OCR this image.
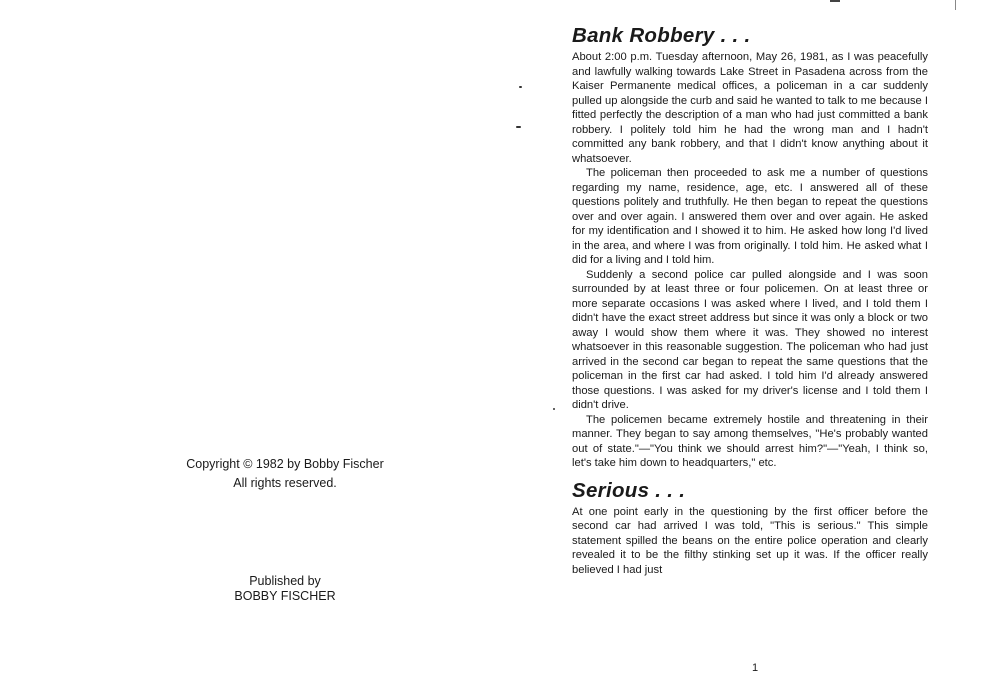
Copyright © 1982 by Bobby Fischer
All rights reserved.
Published by
BOBBY FISCHER
Bank Robbery . . .

About 2:00 p.m. Tuesday afternoon, May 26, 1981, as I was peacefully and lawfully walking towards Lake Street in Pasadena across from the Kaiser Permanente medical offices, a policeman in a car suddenly pulled up alongside the curb and said he wanted to talk to me because I fitted perfectly the description of a man who had just committed a bank robbery. I politely told him he had the wrong man and I hadn't committed any bank robbery, and that I didn't know anything about it whatsoever.

The policeman then proceeded to ask me a number of questions regarding my name, residence, age, etc. I answered all of these questions politely and truthfully. He then began to repeat the questions over and over again. I answered them over and over again. He asked for my identification and I showed it to him. He asked how long I'd lived in the area, and where I was from originally. I told him. He asked what I did for a living and I told him.

Suddenly a second police car pulled alongside and I was soon surrounded by at least three or four policemen. On at least three or more separate occasions I was asked where I lived, and I told them I didn't have the exact street address but since it was only a block or two away I would show them where it was. They showed no interest whatsoever in this reasonable suggestion. The policeman who had just arrived in the second car began to repeat the same questions that the policeman in the first car had asked. I told him I'd already answered those questions. I was asked for my driver's license and I told them I didn't drive.

The policemen became extremely hostile and threatening in their manner. They began to say among themselves, "He's probably wanted out of state."—"You think we should arrest him?"—"Yeah, I think so, let's take him down to headquarters," etc.

Serious . . .

At one point early in the questioning by the first officer before the second car had arrived I was told, "This is serious." This simple statement spilled the beans on the entire police operation and clearly revealed it to be the filthy stinking set up it was. If the officer really believed I had just

1
